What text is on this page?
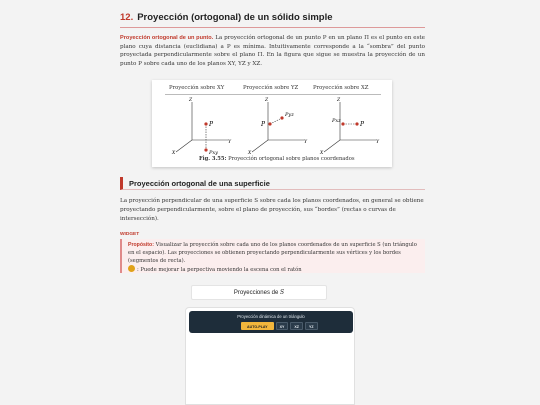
12. Proyección (ortogonal) de un sólido simple
Proyección ortogonal de un punto. La proyección ortogonal de un punto P en un plano Π es el punto en este plano cuya distancia (euclidiana) a P es mínima. Intuitivamente corresponde a la “sombra” del punto proyectada perpendicularmente sobre el plano Π. En la figura que sigue se muestra la proyección de un punto P sobre cada uno de los planos XY, YZ y XZ.
Proyección sobre XY	Proyección sobre YZ	Proyección sobre XZ
P
Pxy
Z
X
Y
Pyz
P
Z
X
Y
Pxz	P
Z
X
Y
Fig. 3.55: Proyección ortogonal sobre planos coordenados
Proyección ortogonal de una superficie
La proyección perpendicular de una superficie S sobre cada los planos coordenados, en general se obtiene proyectando perpendicularmente, sobre el plano de proyección, sus “bordes” (rectas o curvas de intersección).
WIDGET

Propósito: Visualizar la proyección sobre cada uno de los planos coordenados de un superficie S (un triángulo en el espacio). Las proyecciones se obtienen proyectando perpendicularmente sus vértices y los bordes (segmentos de recta).

: Puede mejorar la perpectiva moviendo la escena con el ratón

Proyecciones de S
Proyección dinámica de un triángulo
AUTO-PLAY	XY	XZ	YZ
